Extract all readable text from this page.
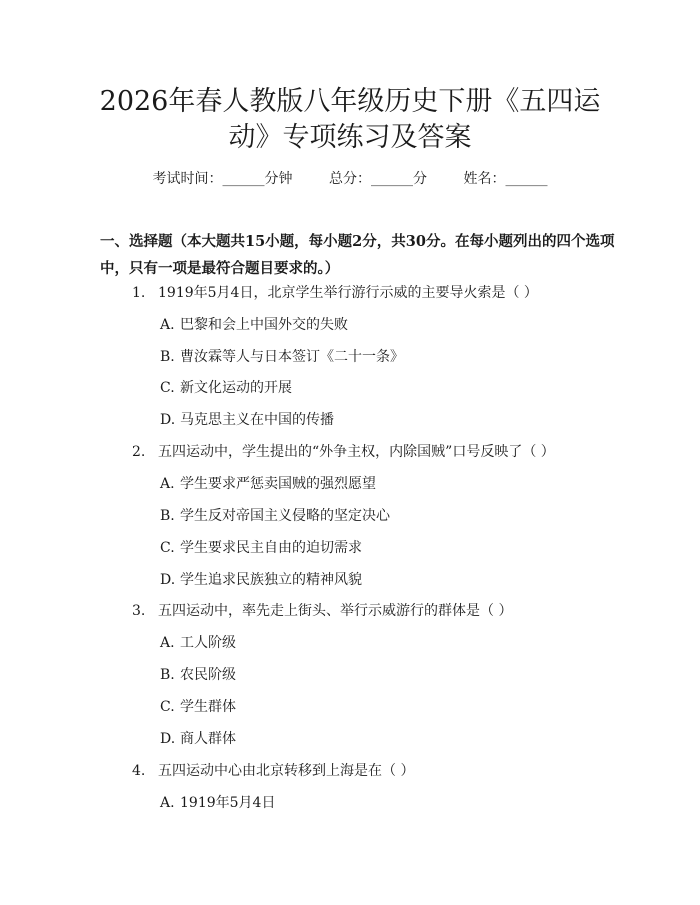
2026年春人教版八年级历史下册《五四运
动》专项练习及答案
考试时间：______分钟	总分：______分	姓名：______

一、选择题（本大题共15小题，每小题2分，共30分。在每小题列出的四个选项中，只有一项是最符合题目要求的。）

1. 1919年5月4日，北京学生举行游行示威的主要导火索是（ ）
A. 巴黎和会上中国外交的失败
B. 曹汝霖等人与日本签订《二十一条》
C. 新文化运动的开展
D. 马克思主义在中国的传播
2. 五四运动中，学生提出的“外争主权，内除国贼”口号反映了（ ）
A. 学生要求严惩卖国贼的强烈愿望
B. 学生反对帝国主义侵略的坚定决心
C. 学生要求民主自由的迫切需求
D. 学生追求民族独立的精神风貌
3. 五四运动中，率先走上街头、举行示威游行的群体是（ ）
A. 工人阶级
B. 农民阶级
C. 学生群体
D. 商人群体
4. 五四运动中心由北京转移到上海是在（ ）
A. 1919年5月4日
